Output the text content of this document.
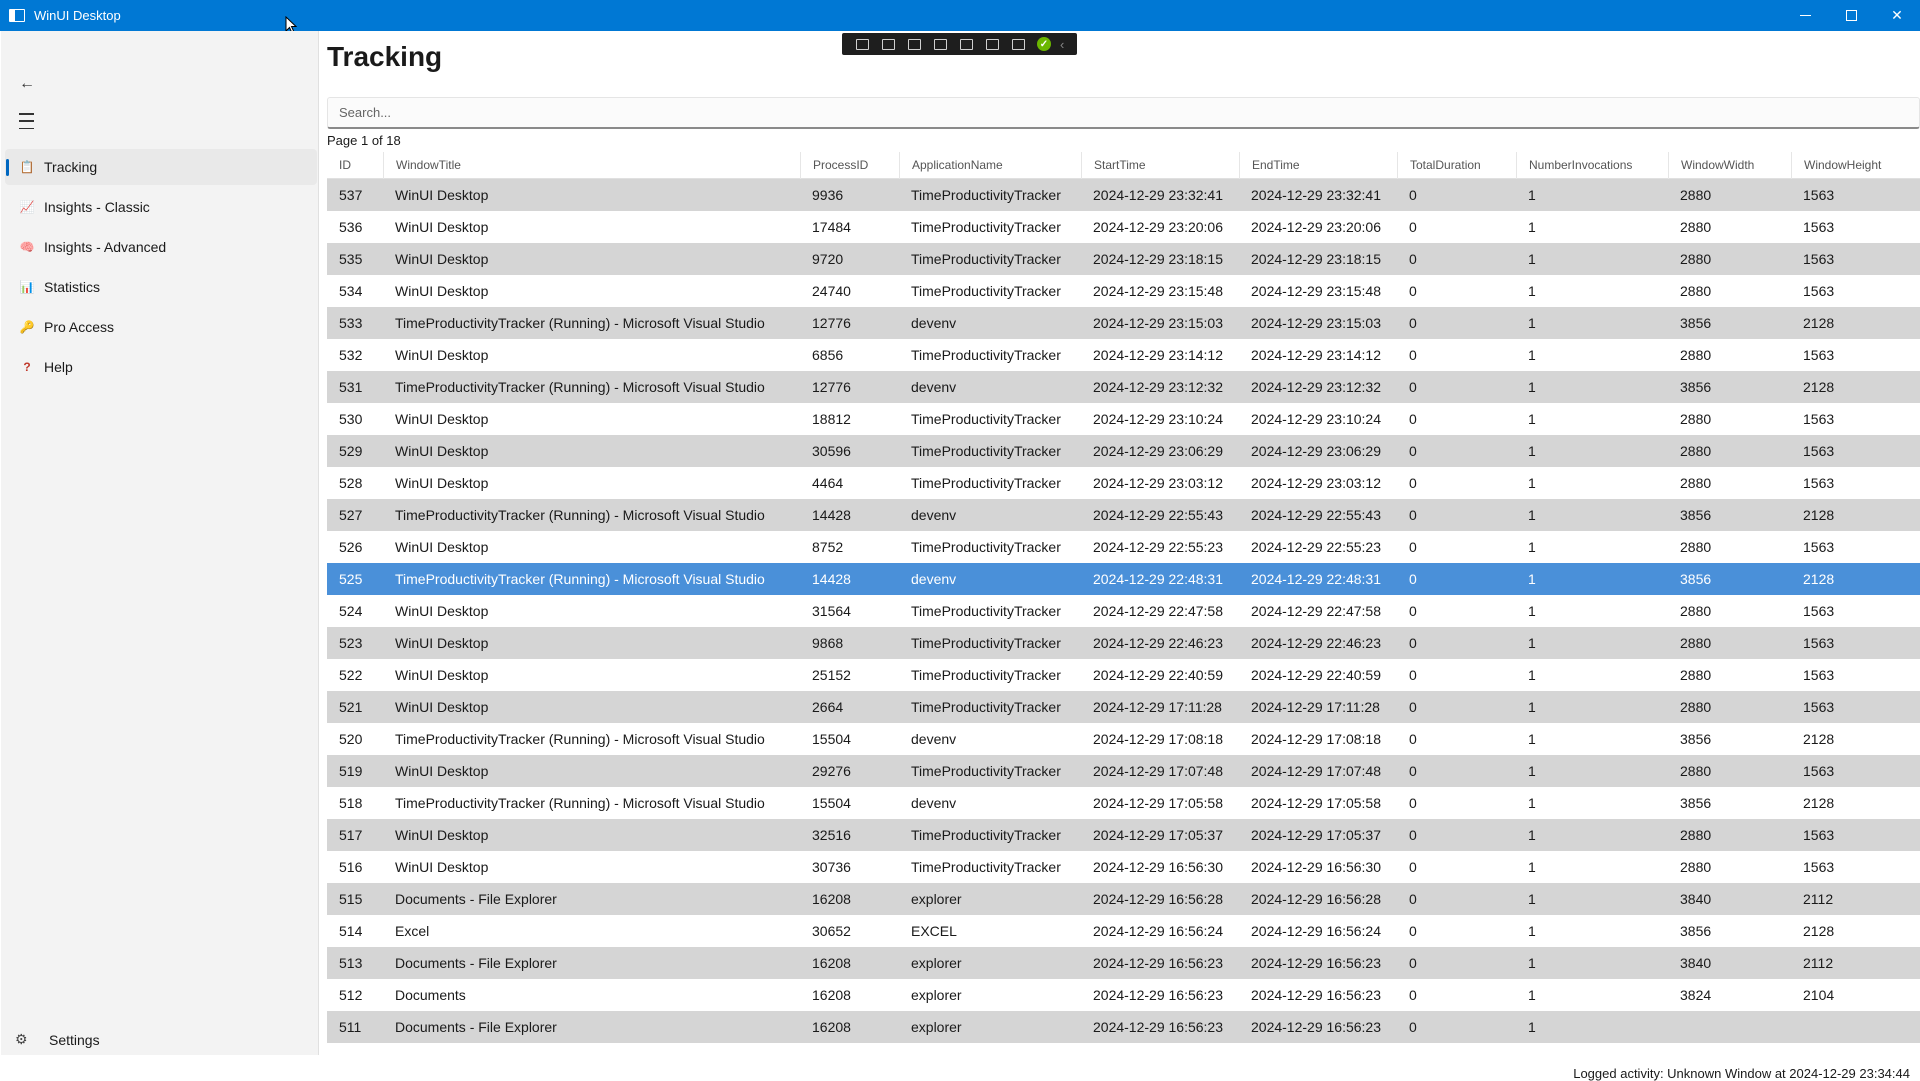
WinUI Desktop	✕
✓ ‹
←
📋 Tracking
📈 Insights - Classic
🧠 Insights - Advanced
📊 Statistics
🔑 Pro Access
? Help
⚙ Settings
Tracking
Search...
Page 1 of 18
ID	WindowTitle	ProcessID	ApplicationName	StartTime	EndTime	TotalDuration	NumberInvocations	WindowWidth	WindowHeight
537	WinUI Desktop	9936	TimeProductivityTracker	2024-12-29 23:32:41	2024-12-29 23:32:41	0	1	2880	1563
536	WinUI Desktop	17484	TimeProductivityTracker	2024-12-29 23:20:06	2024-12-29 23:20:06	0	1	2880	1563
535	WinUI Desktop	9720	TimeProductivityTracker	2024-12-29 23:18:15	2024-12-29 23:18:15	0	1	2880	1563
534	WinUI Desktop	24740	TimeProductivityTracker	2024-12-29 23:15:48	2024-12-29 23:15:48	0	1	2880	1563
533	TimeProductivityTracker (Running) - Microsoft Visual Studio	12776	devenv	2024-12-29 23:15:03	2024-12-29 23:15:03	0	1	3856	2128
532	WinUI Desktop	6856	TimeProductivityTracker	2024-12-29 23:14:12	2024-12-29 23:14:12	0	1	2880	1563
531	TimeProductivityTracker (Running) - Microsoft Visual Studio	12776	devenv	2024-12-29 23:12:32	2024-12-29 23:12:32	0	1	3856	2128
530	WinUI Desktop	18812	TimeProductivityTracker	2024-12-29 23:10:24	2024-12-29 23:10:24	0	1	2880	1563
529	WinUI Desktop	30596	TimeProductivityTracker	2024-12-29 23:06:29	2024-12-29 23:06:29	0	1	2880	1563
528	WinUI Desktop	4464	TimeProductivityTracker	2024-12-29 23:03:12	2024-12-29 23:03:12	0	1	2880	1563
527	TimeProductivityTracker (Running) - Microsoft Visual Studio	14428	devenv	2024-12-29 22:55:43	2024-12-29 22:55:43	0	1	3856	2128
526	WinUI Desktop	8752	TimeProductivityTracker	2024-12-29 22:55:23	2024-12-29 22:55:23	0	1	2880	1563
525	TimeProductivityTracker (Running) - Microsoft Visual Studio	14428	devenv	2024-12-29 22:48:31	2024-12-29 22:48:31	0	1	3856	2128
524	WinUI Desktop	31564	TimeProductivityTracker	2024-12-29 22:47:58	2024-12-29 22:47:58	0	1	2880	1563
523	WinUI Desktop	9868	TimeProductivityTracker	2024-12-29 22:46:23	2024-12-29 22:46:23	0	1	2880	1563
522	WinUI Desktop	25152	TimeProductivityTracker	2024-12-29 22:40:59	2024-12-29 22:40:59	0	1	2880	1563
521	WinUI Desktop	2664	TimeProductivityTracker	2024-12-29 17:11:28	2024-12-29 17:11:28	0	1	2880	1563
520	TimeProductivityTracker (Running) - Microsoft Visual Studio	15504	devenv	2024-12-29 17:08:18	2024-12-29 17:08:18	0	1	3856	2128
519	WinUI Desktop	29276	TimeProductivityTracker	2024-12-29 17:07:48	2024-12-29 17:07:48	0	1	2880	1563
518	TimeProductivityTracker (Running) - Microsoft Visual Studio	15504	devenv	2024-12-29 17:05:58	2024-12-29 17:05:58	0	1	3856	2128
517	WinUI Desktop	32516	TimeProductivityTracker	2024-12-29 17:05:37	2024-12-29 17:05:37	0	1	2880	1563
516	WinUI Desktop	30736	TimeProductivityTracker	2024-12-29 16:56:30	2024-12-29 16:56:30	0	1	2880	1563
515	Documents - File Explorer	16208	explorer	2024-12-29 16:56:28	2024-12-29 16:56:28	0	1	3840	2112
514	Excel	30652	EXCEL	2024-12-29 16:56:24	2024-12-29 16:56:24	0	1	3856	2128
513	Documents - File Explorer	16208	explorer	2024-12-29 16:56:23	2024-12-29 16:56:23	0	1	3840	2112
512	Documents	16208	explorer	2024-12-29 16:56:23	2024-12-29 16:56:23	0	1	3824	2104
511	Documents - File Explorer	16208	explorer	2024-12-29 16:56:23	2024-12-29 16:56:23	0	1
Logged activity: Unknown Window at 2024-12-29 23:34:44
